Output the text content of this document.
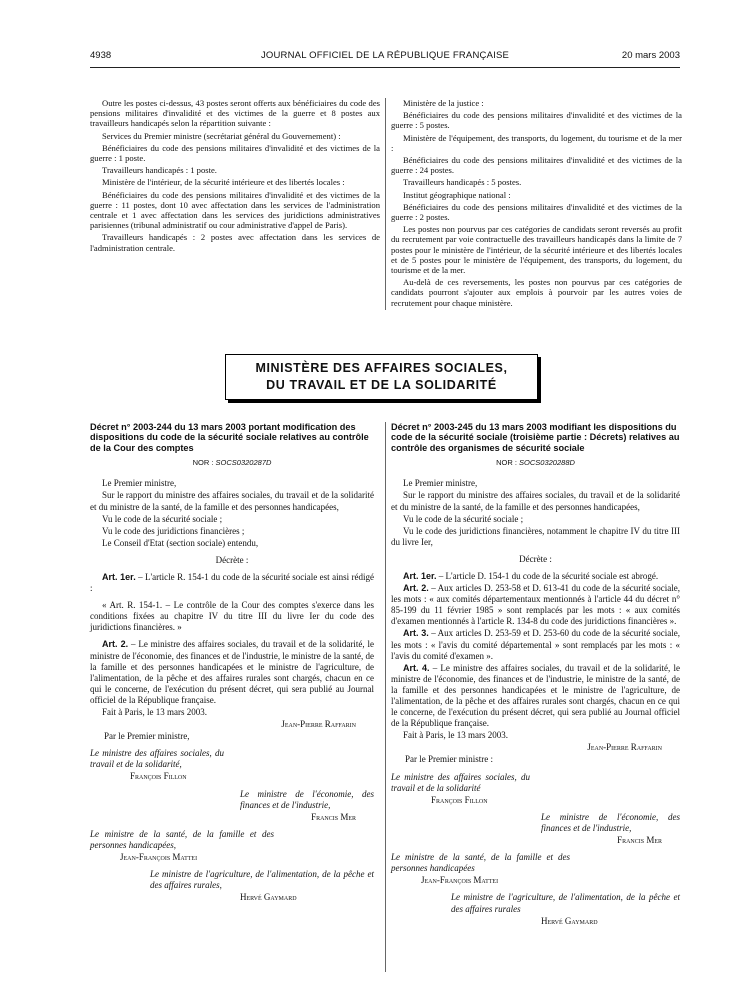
4938	JOURNAL OFFICIEL DE LA RÉPUBLIQUE FRANÇAISE	20 mars 2003

Outre les postes ci-dessus, 43 postes seront offerts aux bénéficiaires du code des pensions militaires d'invalidité et des victimes de la guerre et 8 postes aux travailleurs handicapés selon la répartition suivante :

Services du Premier ministre (secrétariat général du Gouvernement) :

Bénéficiaires du code des pensions militaires d'invalidité et des victimes de la guerre : 1 poste.

Travailleurs handicapés : 1 poste.

Ministère de l'intérieur, de la sécurité intérieure et des libertés locales :

Bénéficiaires du code des pensions militaires d'invalidité et des victimes de la guerre : 11 postes, dont 10 avec affectation dans les services de l'administration centrale et 1 avec affectation dans les services des juridictions administratives parisiennes (tribunal administratif ou cour administrative d'appel de Paris).

Travailleurs handicapés : 2 postes avec affectation dans les services de l'administration centrale.

Ministère de la justice :

Bénéficiaires du code des pensions militaires d'invalidité et des victimes de la guerre : 5 postes.

Ministère de l'équipement, des transports, du logement, du tourisme et de la mer :

Bénéficiaires du code des pensions militaires d'invalidité et des victimes de la guerre : 24 postes.

Travailleurs handicapés : 5 postes.

Institut géographique national :

Bénéficiaires du code des pensions militaires d'invalidité et des victimes de la guerre : 2 postes.

Les postes non pourvus par ces catégories de candidats seront reversés au profit du recrutement par voie contractuelle des travailleurs handicapés dans la limite de 7 postes pour le ministère de l'intérieur, de la sécurité intérieure et des libertés locales et de 5 postes pour le ministère de l'équipement, des transports, du logement, du tourisme et de la mer.

Au-delà de ces reversements, les postes non pourvus par ces catégories de candidats pourront s'ajouter aux emplois à pourvoir par les autres voies de recrutement pour chaque ministère.

MINISTÈRE DES AFFAIRES SOCIALES,
DU TRAVAIL ET DE LA SOLIDARITÉ
Décret n° 2003-244 du 13 mars 2003 portant modification des dispositions du code de la sécurité sociale relatives au contrôle de la Cour des comptes
NOR : SOCS0320287D

Le Premier ministre,

Sur le rapport du ministre des affaires sociales, du travail et de la solidarité et du ministre de la santé, de la famille et des personnes handicapées,

Vu le code de la sécurité sociale ;

Vu le code des juridictions financières ;

Le Conseil d'Etat (section sociale) entendu,

Décrète :

Art. 1er. – L'article R. 154-1 du code de la sécurité sociale est ainsi rédigé :

« Art. R. 154-1. – Le contrôle de la Cour des comptes s'exerce dans les conditions fixées au chapitre IV du titre III du livre Ier du code des juridictions financières. »

Art. 2. – Le ministre des affaires sociales, du travail et de la solidarité, le ministre de l'économie, des finances et de l'industrie, le ministre de la santé, de la famille et des personnes handicapées et le ministre de l'agriculture, de l'alimentation, de la pêche et des affaires rurales sont chargés, chacun en ce qui le concerne, de l'exécution du présent décret, qui sera publié au Journal officiel de la République française.

Fait à Paris, le 13 mars 2003.

Jean-Pierre Raffarin

Par le Premier ministre,

Le ministre des affaires sociales, du travail et de la solidarité,

François Fillon

Le ministre de l'économie, des finances et de l'industrie,

Francis Mer

Le ministre de la santé, de la famille et des personnes handicapées,

Jean-François Mattei

Le ministre de l'agriculture, de l'alimentation, de la pêche et des affaires rurales,

Hervé Gaymard

Décret n° 2003-245 du 13 mars 2003 modifiant les dispositions du code de la sécurité sociale (troisième partie : Décrets) relatives au contrôle des organismes de sécurité sociale
NOR : SOCS0320288D

Le Premier ministre,

Sur le rapport du ministre des affaires sociales, du travail et de la solidarité et du ministre de la santé, de la famille et des personnes handicapées,

Vu le code de la sécurité sociale ;

Vu le code des juridictions financières, notamment le chapitre IV du titre III du livre Ier,

Décrète :

Art. 1er. – L'article D. 154-1 du code de la sécurité sociale est abrogé.

Art. 2. – Aux articles D. 253-58 et D. 613-41 du code de la sécurité sociale, les mots : « aux comités départementaux mentionnés à l'article 44 du décret n° 85-199 du 11 février 1985 » sont remplacés par les mots : « aux comités d'examen mentionnés à l'article R. 134-8 du code des juridictions financières ».

Art. 3. – Aux articles D. 253-59 et D. 253-60 du code de la sécurité sociale, les mots : « l'avis du comité départemental » sont remplacés par les mots : « l'avis du comité d'examen ».

Art. 4. – Le ministre des affaires sociales, du travail et de la solidarité, le ministre de l'économie, des finances et de l'industrie, le ministre de la santé, de la famille et des personnes handicapées et le ministre de l'agriculture, de l'alimentation, de la pêche et des affaires rurales sont chargés, chacun en ce qui le concerne, de l'exécution du présent décret, qui sera publié au Journal officiel de la République française.

Fait à Paris, le 13 mars 2003.

Jean-Pierre Raffarin

Par le Premier ministre :

Le ministre des affaires sociales, du travail et de la solidarité

François Fillon

Le ministre de l'économie, des finances et de l'industrie,

Francis Mer

Le ministre de la santé, de la famille et des personnes handicapées

Jean-François Mattei

Le ministre de l'agriculture, de l'alimentation, de la pêche et des affaires rurales

Hervé Gaymard
